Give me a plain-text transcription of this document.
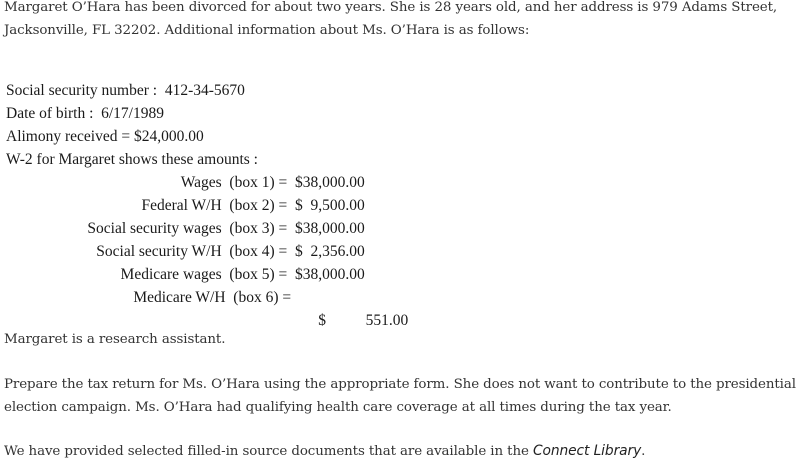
Margaret O’Hara has been divorced for about two years. She is 28 years old, and her address is 979 Adams Street, Jacksonville, FL 32202. Additional information about Ms. O’Hara is as follows:

Social security number :  412-34-5670
Date of birth :  6/17/1989
Alimony received = $24,000.00
W-2 for Margaret shows these amounts :
Wages  (box 1) = $38,000.00
Federal W/H  (box 2) = $  9,500.00
Social security wages  (box 3) = $38,000.00
Social security W/H  (box 4) = $  2,356.00
Medicare wages  (box 5) = $38,000.00
Medicare W/H  (box 6) =

$	551.00

Margaret is a research assistant.

Prepare the tax return for Ms. O’Hara using the appropriate form. She does not want to contribute to the presidential election campaign. Ms. O’Hara had qualifying health care coverage at all times during the tax year.

We have provided selected filled-in source documents that are available in the Connect Library.
